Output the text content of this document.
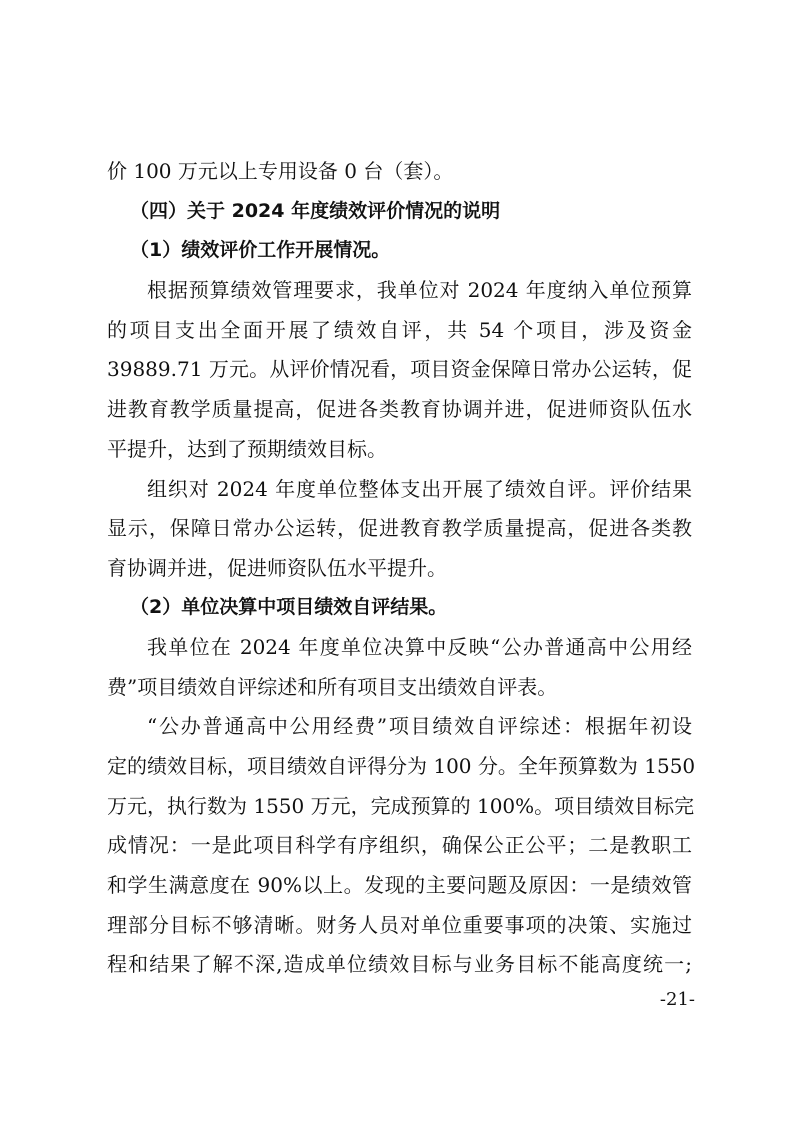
价 100 万元以上专用设备 0 台（套）。
（四）关于 2024 年度绩效评价情况的说明
（1）绩效评价工作开展情况。
根据预算绩效管理要求，我单位对 2024 年度纳入单位预算
的项目支出全面开展了绩效自评，共 54 个项目，涉及资金
39889.71 万元。从评价情况看，项目资金保障日常办公运转，促
进教育教学质量提高，促进各类教育协调并进，促进师资队伍水
平提升，达到了预期绩效目标。
组织对 2024 年度单位整体支出开展了绩效自评。评价结果
显示，保障日常办公运转，促进教育教学质量提高，促进各类教
育协调并进，促进师资队伍水平提升。
（2）单位决算中项目绩效自评结果。
我单位在 2024 年度单位决算中反映“公办普通高中公用经
费”项目绩效自评综述和所有项目支出绩效自评表。
“公办普通高中公用经费”项目绩效自评综述：根据年初设
定的绩效目标，项目绩效自评得分为 100 分。全年预算数为 1550
万元，执行数为 1550 万元，完成预算的 100%。项目绩效目标完
成情况：一是此项目科学有序组织，确保公正公平；二是教职工
和学生满意度在 90%以上。发现的主要问题及原因：一是绩效管
理部分目标不够清晰。财务人员对单位重要事项的决策、实施过
程和结果了解不深,造成单位绩效目标与业务目标不能高度统一;
-21-
